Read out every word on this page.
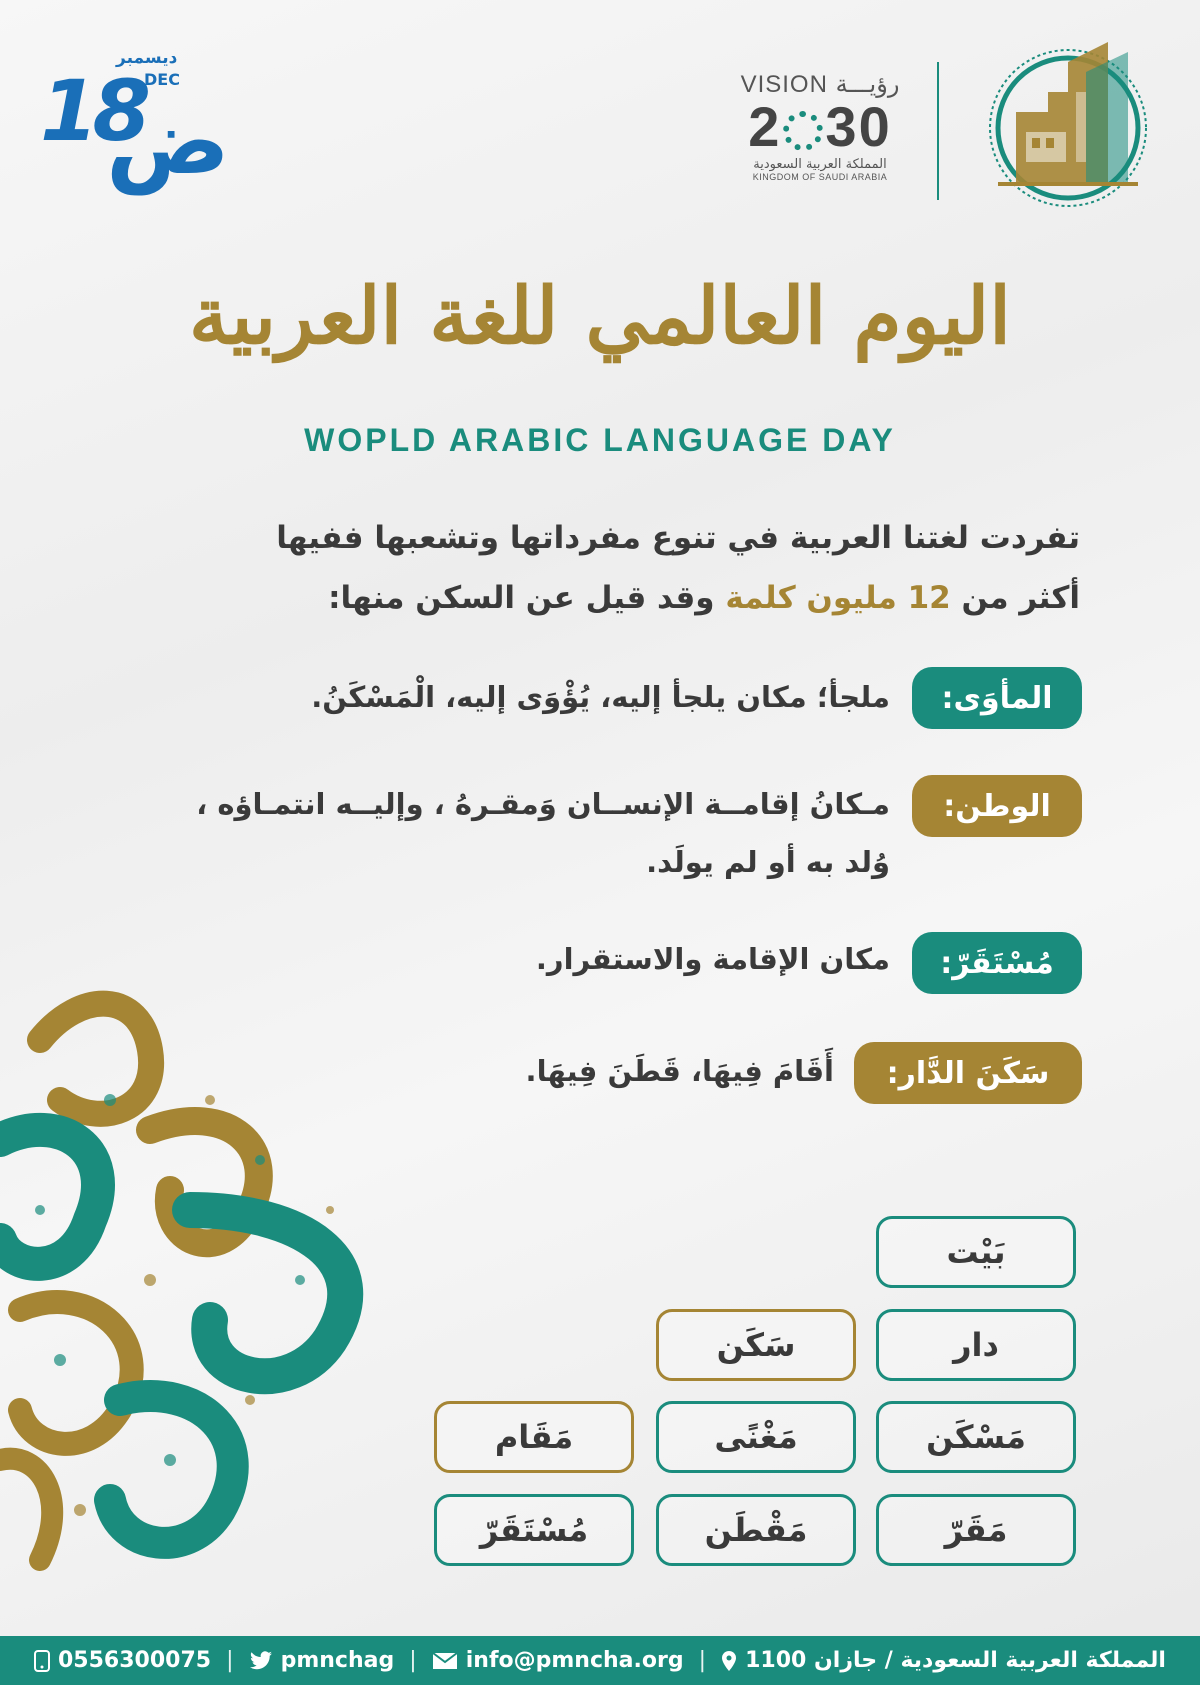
18
ض
ديسمبر
DEC	VISION رؤيـــة
2 30
المملكة العربية السعودية
KINGDOM OF SAUDI ARABIA
اليوم العالمي للغة العربية
WOPLD ARABIC LANGUAGE DAY
تفردت لغتنا العربية في تنوع مفرداتها وتشعبها ففيها
أكثر من 12 مليون كلمة وقد قيل عن السكن منها:
المأوَى:
ملجأ؛ مكان يلجأ إليه، يُؤْوَى إليه، الْمَسْكَنُ.
الوطن:
مـكانُ إقامــة الإنســان وَمقـرهُ ، وإليــه انتمـاؤه ،
وُلد به أو لم يولَد.
مُسْتَقَرّ:
مكان الإقامة والاستقرار.
سَكَنَ الدَّار:
أَقَامَ فِيهَا، قَطَنَ فِيهَا.
بَيْت
دار
سَكَن
مَسْكَن
مَغْنًى
مَقَام
مَقَرّ
مَقْطَن
مُسْتَقَرّ
0556300075 | pmnchag | info@pmncha.org | المملكة العربية السعودية / جازان 1100
